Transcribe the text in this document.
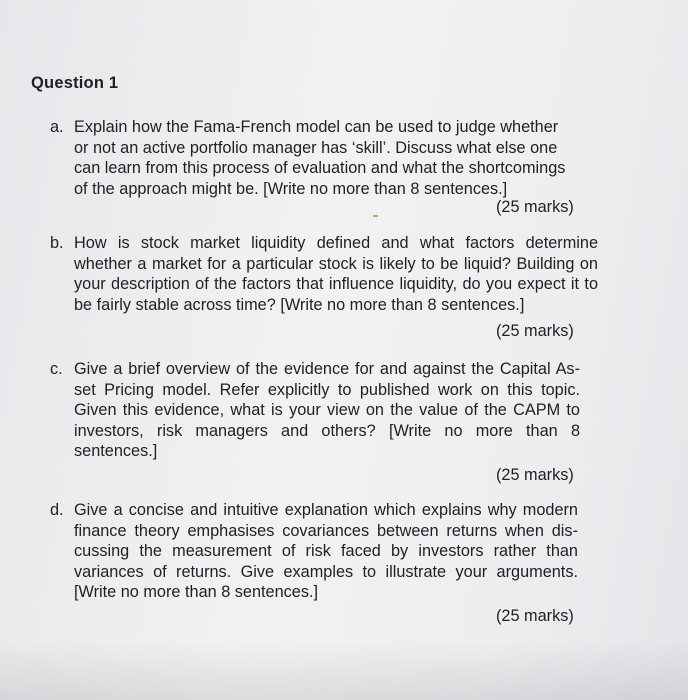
Question 1
a. Explain how the Fama-French model can be used to judge whether or not an active portfolio manager has ‘skill’. Discuss what else one can learn from this process of evaluation and what the shortcomings of the approach might be. [Write no more than 8 sentences.]
(25 marks)
b. How is stock market liquidity defined and what factors determine whether a market for a particular stock is likely to be liquid? Building on your description of the factors that influence liquidity, do you expect it to be fairly stable across time? [Write no more than 8 sentences.]
(25 marks)
c. Give a brief overview of the evidence for and against the Capital As-set Pricing model. Refer explicitly to published work on this topic. Given this evidence, what is your view on the value of the CAPM to investors, risk managers and others? [Write no more than 8 sentences.]
(25 marks)
d. Give a concise and intuitive explanation which explains why modern finance theory emphasises covariances between returns when dis-cussing the measurement of risk faced by investors rather than variances of returns. Give examples to illustrate your arguments. [Write no more than 8 sentences.]
(25 marks)
